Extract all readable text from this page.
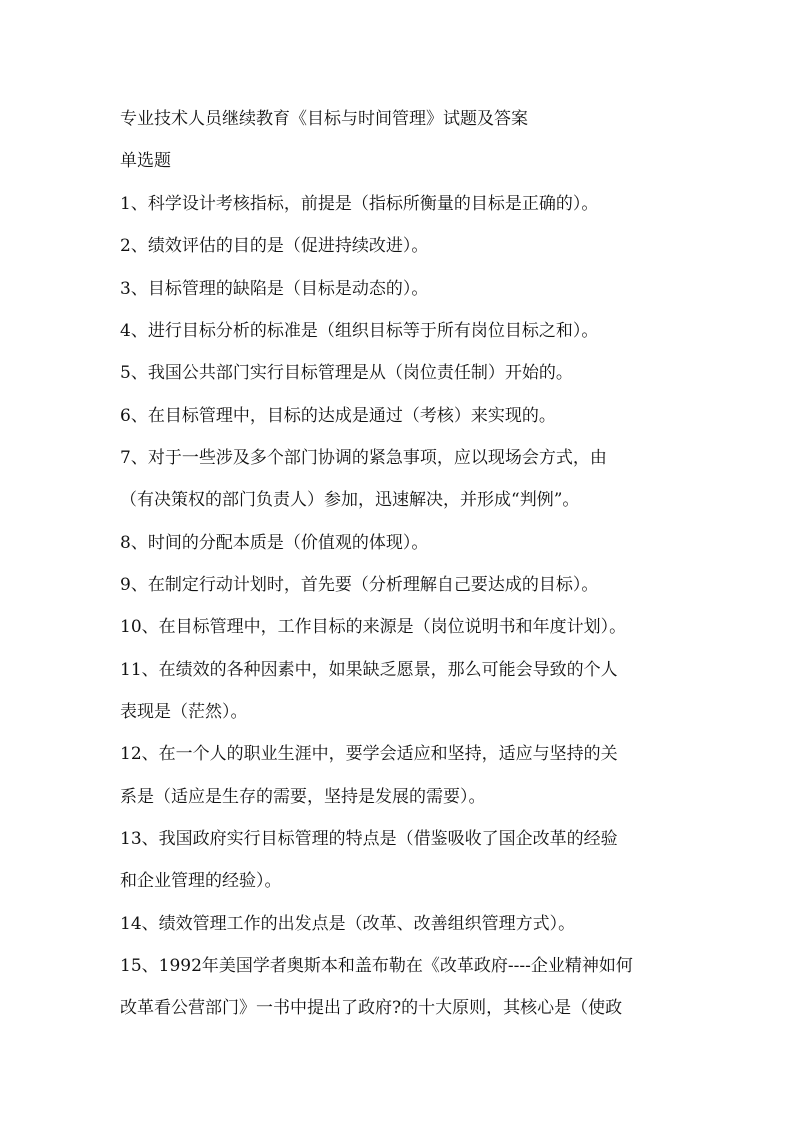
专业技术人员继续教育《目标与时间管理》试题及答案
单选题
1、科学设计考核指标，前提是（指标所衡量的目标是正确的）。
2、绩效评估的目的是（促进持续改进）。
3、目标管理的缺陷是（目标是动态的）。
4、进行目标分析的标准是（组织目标等于所有岗位目标之和）。
5、我国公共部门实行目标管理是从（岗位责任制）开始的。
6、在目标管理中，目标的达成是通过（考核）来实现的。
7、对于一些涉及多个部门协调的紧急事项，应以现场会方式，由
（有决策权的部门负责人）参加，迅速解决，并形成“判例”。
8、时间的分配本质是（价值观的体现）。
9、在制定行动计划时，首先要（分析理解自己要达成的目标）。
10、在目标管理中，工作目标的来源是（岗位说明书和年度计划）。
11、在绩效的各种因素中，如果缺乏愿景，那么可能会导致的个人
表现是（茫然）。
12、在一个人的职业生涯中，要学会适应和坚持，适应与坚持的关
系是（适应是生存的需要，坚持是发展的需要）。
13、我国政府实行目标管理的特点是（借鉴吸收了国企改革的经验
和企业管理的经验）。
14、绩效管理工作的出发点是（改革、改善组织管理方式）。
15、1992年美国学者奥斯本和盖布勒在《改革政府----企业精神如何
改革看公营部门》一书中提出了政府?的十大原则，其核心是（使政
